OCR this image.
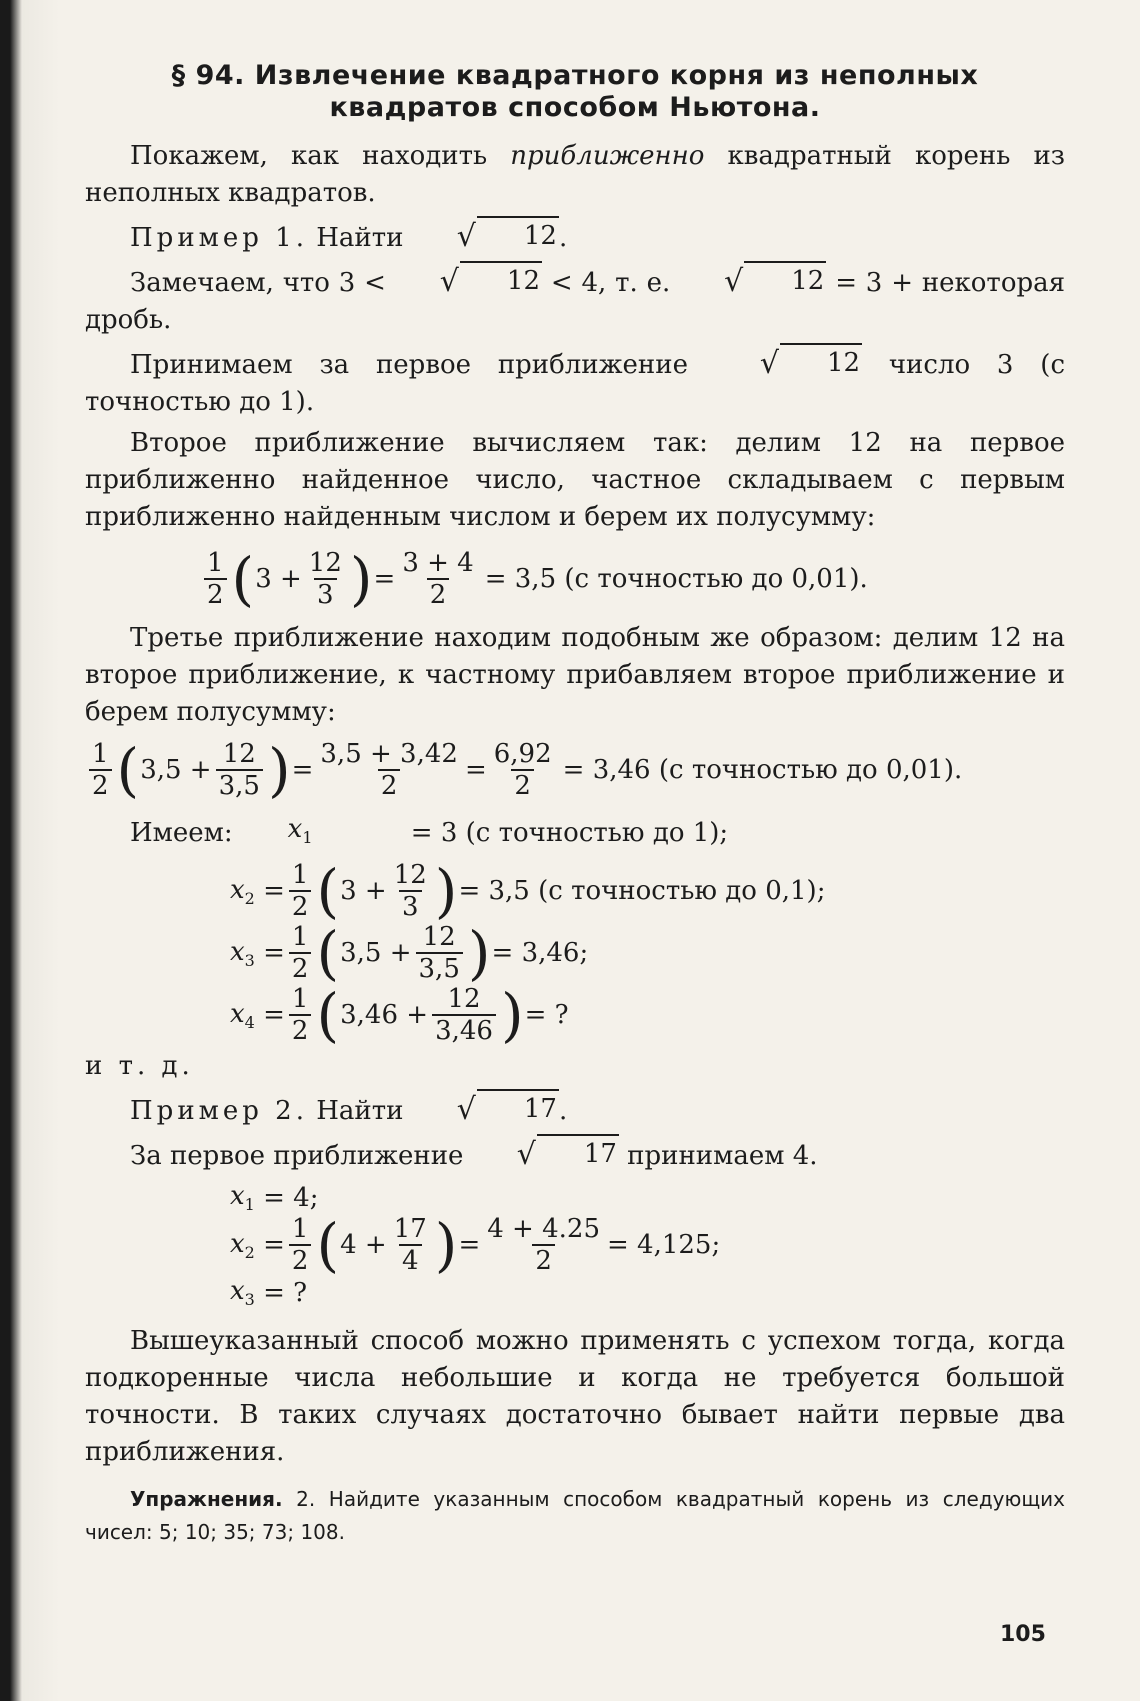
§ 94. Извлечение квадратного корня из неполных квадратов способом Ньютона.

Покажем, как находить приближенно квадратный корень из неполных квадратов.

Пример 1. Найти	√	12 .

Замечаем, что 3 <	√	12 < 4, т. е.	√	12 = 3 + некоторая дробь.

Принимаем за первое приближение	√	12 число 3 (с точностью до 1).

Второе приближение вычисляем так: делим 12 на первое приближенно найденное число, частное складываем с первым приближенно найденным числом и берем их полусумму:

$\frac{1}{2}$ ( $3 + \frac{12}{3}$ ) = $\frac{3 + 4}{2} = 3,5$ (с точностью до 0,01).

Третье приближение находим подобным же образом: делим 12 на второе приближение, к частному прибавляем второе приближение и берем полусумму:

$\frac{1}{2}$ ( $3,5 + \frac{12}{3,5}$ ) = $\frac{3,5 + 3,42}{2} = \frac{6,92}{2} = 3,46$ (с точностью до 0,01).
Имеем:	$x_1$
	= 3 (с точностью до 1);
$x_2 = \frac{1}{2}$ ( $3 + \frac{12}{3}$ ) = 3,5 (с точностью до 0,1);
$x_3 = \frac{1}{2}$ ( $3,5 + \frac{12}{3,5}$ ) = 3,46;
$x_4 = \frac{1}{2}$ ( $3,46 + \frac{12}{3,46}$ ) = ?

и т. д.

Пример 2. Найти	√	17 .

За первое приближение	√	17 принимаем 4.

$x_1$
= 4;
$x_2 = \frac{1}{2}$ ( $4 + \frac{17}{4}$ ) = $\frac{4 + 4.25}{2} = 4,125$;
$x_3$
= ?

Вышеуказанный способ можно применять с успехом тогда, когда подкоренные числа небольшие и когда не требуется большой точности. В таких случаях достаточно бывает найти первые два приближения.

Упражнения. 2. Найдите указанным способом квадратный корень из следующих чисел: 5; 10; 35; 73; 108.

105
